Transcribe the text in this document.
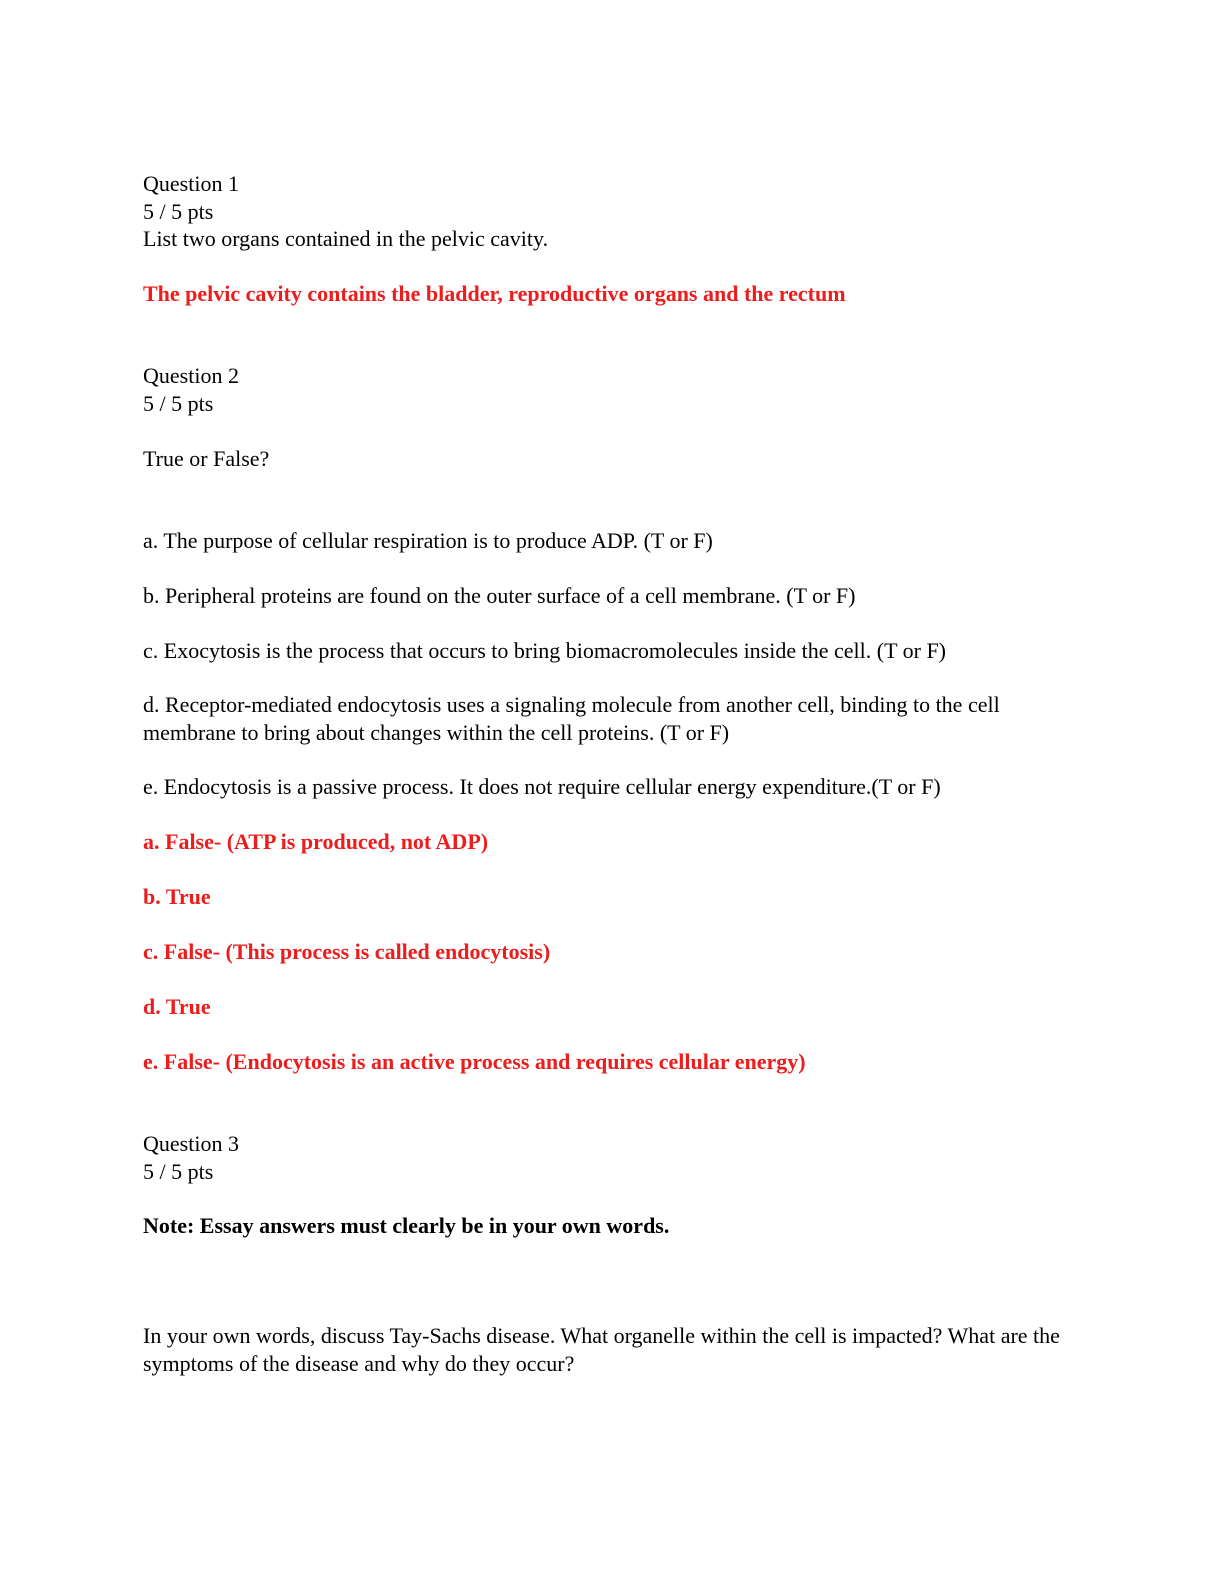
Question 1
5 / 5 pts
List two organs contained in the pelvic cavity.
The pelvic cavity contains the bladder, reproductive organs and the rectum
Question 2
5 / 5 pts
True or False?
a. The purpose of cellular respiration is to produce ADP. (T or F)
b. Peripheral proteins are found on the outer surface of a cell membrane. (T or F)
c. Exocytosis is the process that occurs to bring biomacromolecules inside the cell. (T or F)
d. Receptor-mediated endocytosis uses a signaling molecule from another cell, binding to the cell membrane to bring about changes within the cell proteins. (T or F)
e. Endocytosis is a passive process. It does not require cellular energy expenditure.(T or F)
a. False- (ATP is produced, not ADP)
b. True
c. False- (This process is called endocytosis)
d. True
e. False- (Endocytosis is an active process and requires cellular energy)
Question 3
5 / 5 pts
Note: Essay answers must clearly be in your own words.
In your own words, discuss Tay-Sachs disease. What organelle within the cell is impacted? What are the symptoms of the disease and why do they occur?
